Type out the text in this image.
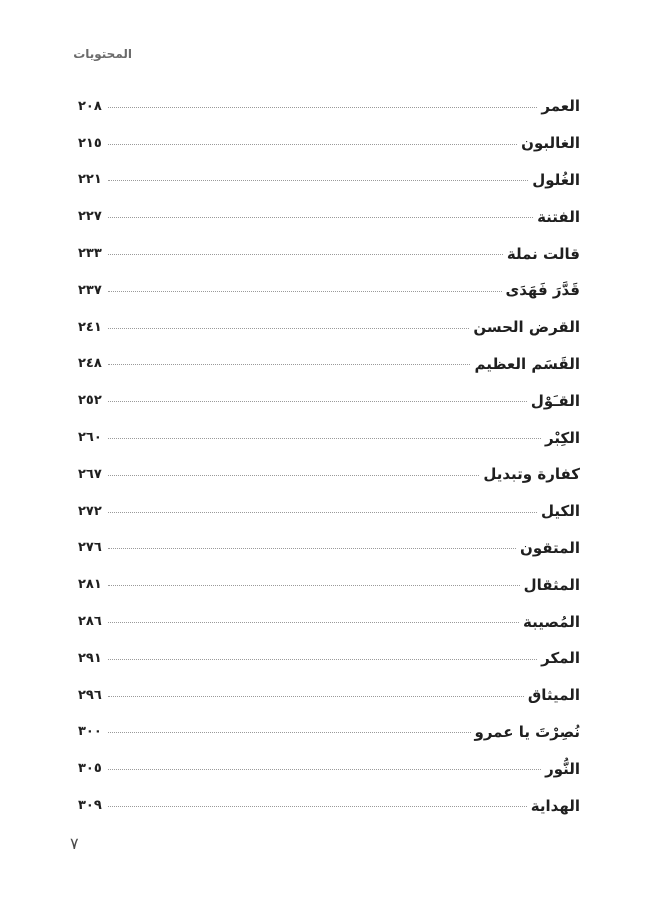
المحتويات
العمر
٢٠٨
الغالبون
٢١٥
الغُلول
٢٢١
الفتنة
٢٢٧
قالت نملة
٢٣٣
قَدَّرَ فَهَدَى
٢٣٧
القرض الحسن
٢٤١
القَسَم العظيم
٢٤٨
القـَوْل
٢٥٢
الكِبْر
٢٦٠
كفارة وتبديل
٢٦٧
الكيل
٢٧٢
المتقون
٢٧٦
المثقال
٢٨١
المُصيبة
٢٨٦
المكر
٢٩١
الميثاق
٢٩٦
نُصِرْتَ يا عمرو
٣٠٠
النُّور
٣٠٥
الهداية
٣٠٩
٧
